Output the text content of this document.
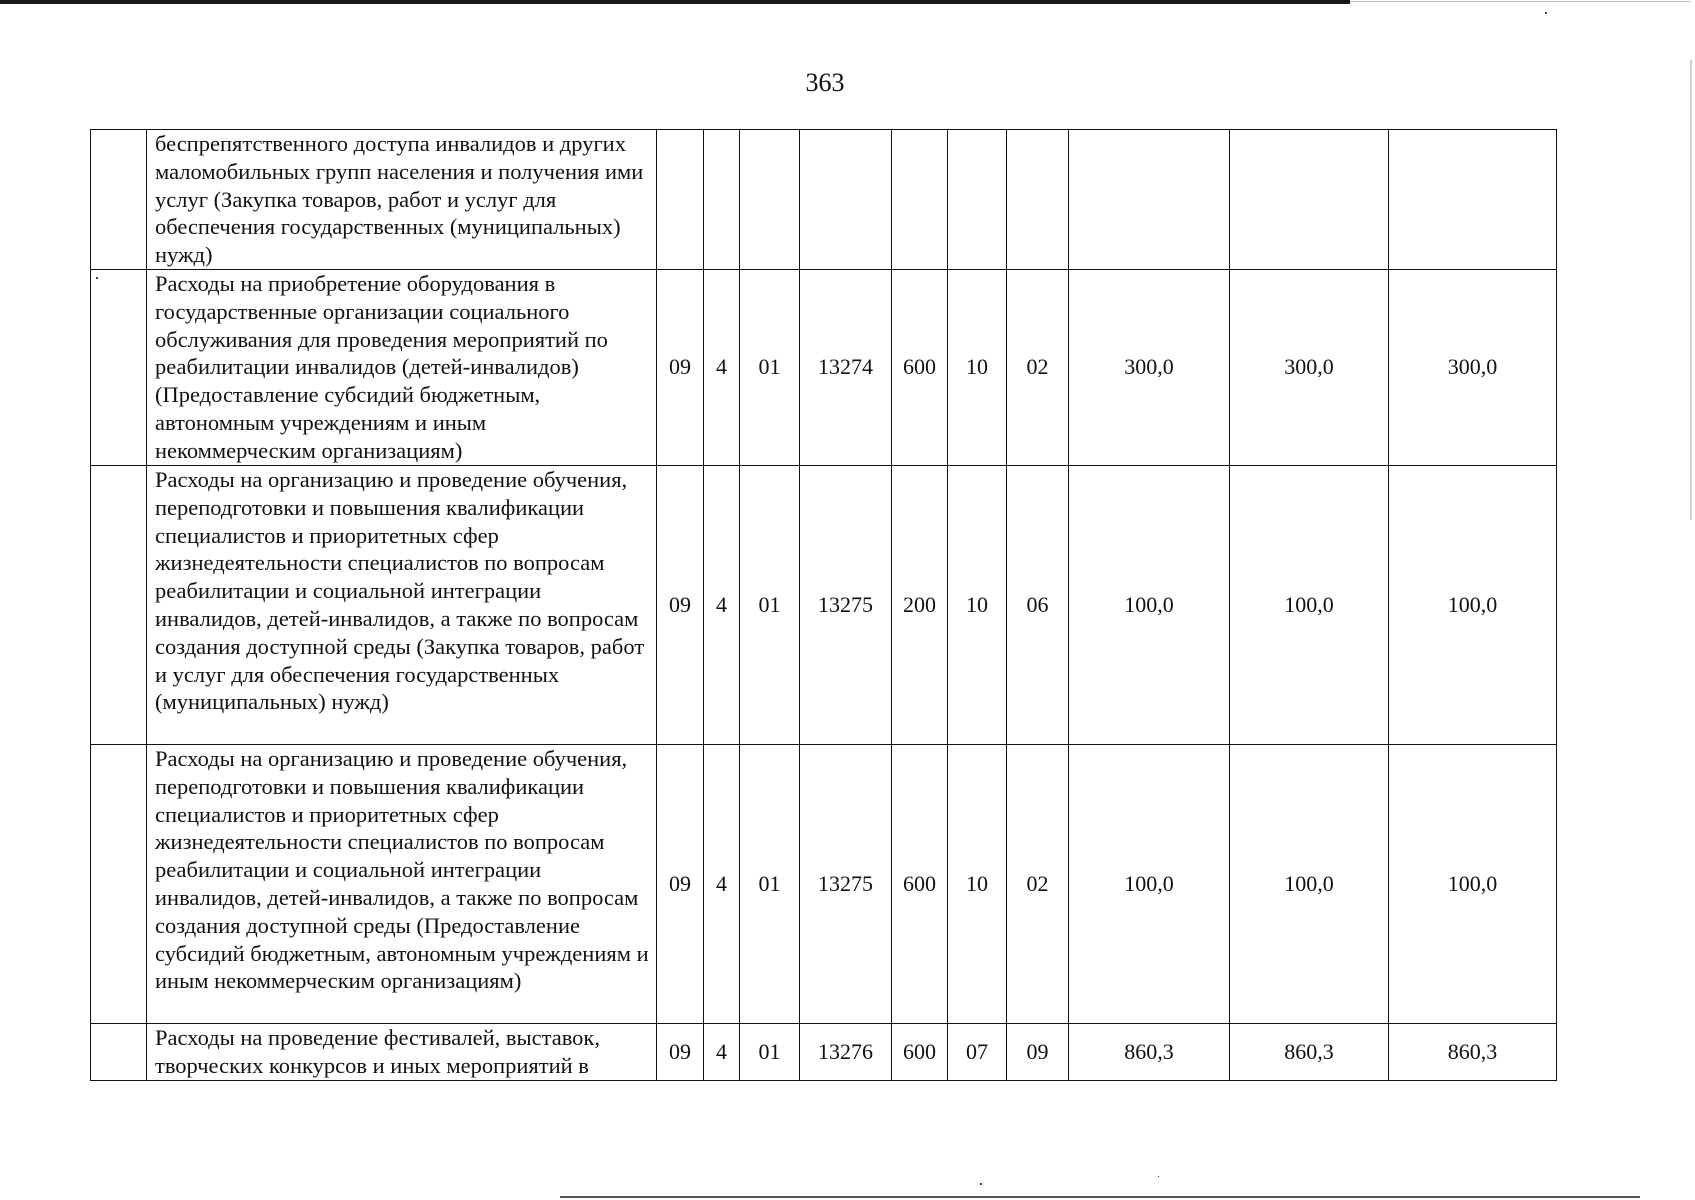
363
	беспрепятственного доступа инвалидов и других маломобильных групп населения и получения ими услуг (Закупка товаров, работ и услуг для обеспечения государственных (муниципальных) нужд)										
	Расходы на приобретение оборудования в государственные организации социального обслуживания для проведения мероприятий по реабилитации инвалидов (детей-инвалидов) (Предоставление субсидий бюджетным, автономным учреждениям и иным некоммерческим организациям)	09	4	01	13274	600	10	02	300,0	300,0	300,0
	Расходы на организацию и проведение обучения, переподготовки и повышения квалификации специалистов и приоритетных сфер жизнедеятельности специалистов по вопросам реабилитации и социальной интеграции инвалидов, детей-инвалидов, а также по вопросам создания доступной среды (Закупка товаров, работ и услуг для обеспечения государственных (муниципальных) нужд)	09	4	01	13275	200	10	06	100,0	100,0	100,0
	Расходы на организацию и проведение обучения, переподготовки и повышения квалификации специалистов и приоритетных сфер жизнедеятельности специалистов по вопросам реабилитации и социальной интеграции инвалидов, детей-инвалидов, а также по вопросам создания доступной среды (Предоставление субсидий бюджетным, автономным учреждениям и иным некоммерческим организациям)	09	4	01	13275	600	10	02	100,0	100,0	100,0

	Расходы на проведение фестивалей, выставок, творческих конкурсов и иных мероприятий в	09	4	01	13276	600	07	09	860,3	860,3	860,3
